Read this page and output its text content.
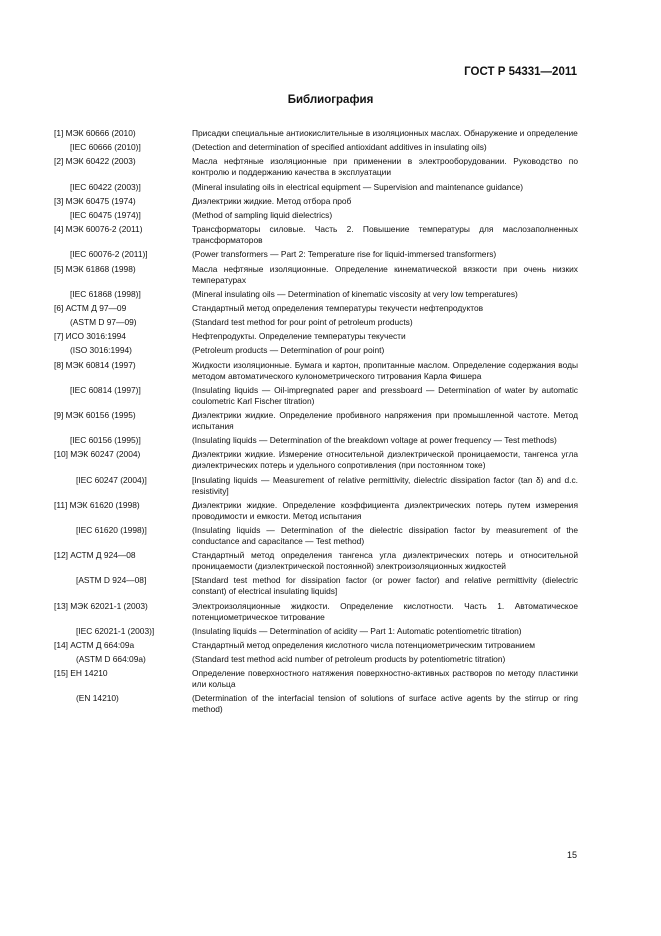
ГОСТ Р 54331—2011
Библиография
[1] МЭК 60666 (2010)	Присадки специальные антиокислительные в изоляционных маслах. Обнаружение и определение
[IEC 60666 (2010)]	(Detection and determination of specified antioxidant additives in insulating oils)
[2] МЭК 60422 (2003)	Масла нефтяные изоляционные при применении в электрооборудовании. Руководство по контролю и поддержанию качества в эксплуатации
[IEC 60422 (2003)]	(Mineral insulating oils in electrical equipment — Supervision and maintenance guidance)
[3] МЭК 60475 (1974)	Диэлектрики жидкие. Метод отбора проб
[IEC 60475 (1974)]	(Method of sampling liquid dielectrics)
[4] МЭК 60076-2 (2011)	Трансформаторы силовые. Часть 2. Повышение температуры для маслозаполненных трансформаторов
[IEC 60076-2 (2011)]	(Power transformers — Part 2: Temperature rise for liquid-immersed transformers)
[5] МЭК 61868 (1998)	Масла нефтяные изоляционные. Определение кинематической вязкости при очень низких температурах
[IEC 61868 (1998)]	(Mineral insulating oils — Determination of kinematic viscosity at very low temperatures)
[6] АСТМ Д 97—09	Стандартный метод определения температуры текучести нефтепродуктов
(ASTM D 97—09)	(Standard test method for pour point of petroleum products)
[7] ИСО 3016:1994	Нефтепродукты. Определение температуры текучести
(ISO 3016:1994)	(Petroleum products — Determination of pour point)
[8] МЭК 60814 (1997)	Жидкости изоляционные. Бумага и картон, пропитанные маслом. Определение содержания воды методом автоматического кулонометрического титрования Карла Фишера
[IEC 60814 (1997)]	(Insulating liquids — Oil-impregnated paper and pressboard — Determination of water by automatic coulometric Karl Fischer titration)
[9] МЭК 60156 (1995)	Диэлектрики жидкие. Определение пробивного напряжения при промышленной частоте. Метод испытания
[IEC 60156 (1995)]	(Insulating liquids — Determination of the breakdown voltage at power frequency — Test methods)
[10] МЭК 60247 (2004)	Диэлектрики жидкие. Измерение относительной диэлектрической проницаемости, тангенса угла диэлектрических потерь и удельного сопротивления (при постоянном токе)
[IEC 60247 (2004)]	[Insulating liquids — Measurement of relative permittivity, dielectric dissipation factor (tan δ) and d.c. resistivity]
[11] МЭК 61620 (1998)	Диэлектрики жидкие. Определение коэффициента диэлектрических потерь путем измерения проводимости и емкости. Метод испытания
[IEC 61620 (1998)]	(Insulating liquids — Determination of the dielectric dissipation factor by measurement of the conductance and capacitance — Test method)
[12] АСТМ Д 924—08	Стандартный метод определения тангенса угла диэлектрических потерь и относительной проницаемости (диэлектрической постоянной) электроизоляционных жидкостей
[ASTM D 924—08]	[Standard test method for dissipation factor (or power factor) and relative permittivity (dielectric constant) of electrical insulating liquids]
[13] МЭК 62021-1 (2003)	Электроизоляционные жидкости. Определение кислотности. Часть 1. Автоматическое потенциометрическое титрование
[IEC 62021-1 (2003)]	(Insulating liquids — Determination of acidity — Part 1: Automatic potentiometric titration)
[14] АСТМ Д 664:09а	Стандартный метод определения кислотного числа потенциометрическим титрованием
(ASTM D 664:09a)	(Standard test method acid number of petroleum products by potentiometric titration)
[15] ЕН 14210	Определение поверхностного натяжения поверхностно-активных растворов по методу пластинки или кольца
(EN 14210)	(Determination of the interfacial tension of solutions of surface active agents by the stirrup or ring method)
15
